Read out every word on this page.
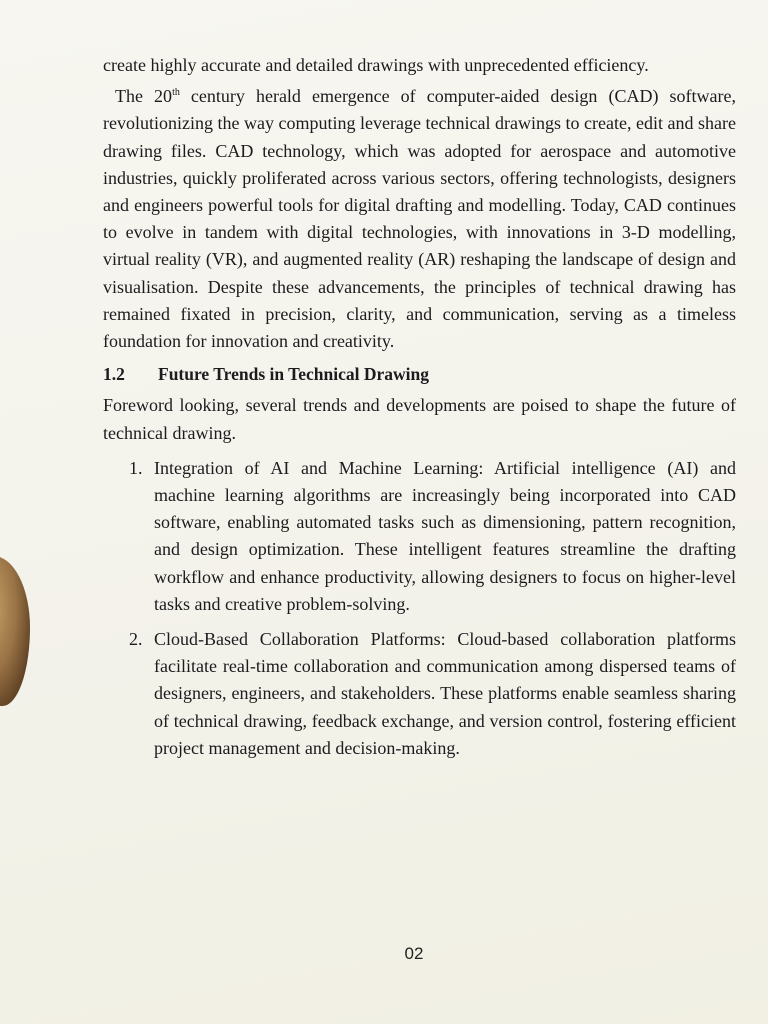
create highly accurate and detailed drawings with unprecedented efficiency.

The 20th century herald emergence of computer-aided design (CAD) software, revolutionizing the way computing leverage technical drawings to create, edit and share drawing files. CAD technology, which was adopted for aerospace and automotive industries, quickly proliferated across various sectors, offering technologists, designers and engineers powerful tools for digital drafting and modelling. Today, CAD continues to evolve in tandem with digital technologies, with innovations in 3-D modelling, virtual reality (VR), and augmented reality (AR) reshaping the landscape of design and visualisation. Despite these advancements, the principles of technical drawing has remained fixated in precision, clarity, and communication, serving as a timeless foundation for innovation and creativity.

1.2 Future Trends in Technical Drawing

Foreword looking, several trends and developments are poised to shape the future of technical drawing.

1. Integration of AI and Machine Learning: Artificial intelligence (AI) and machine learning algorithms are increasingly being incorporated into CAD software, enabling automated tasks such as dimensioning, pattern recognition, and design optimization. These intelligent features streamline the drafting workflow and enhance productivity, allowing designers to focus on higher-level tasks and creative problem-solving.
2. Cloud-Based Collaboration Platforms: Cloud-based collaboration platforms facilitate real-time collaboration and communication among dispersed teams of designers, engineers, and stakeholders. These platforms enable seamless sharing of technical drawing, feedback exchange, and version control, fostering efficient project management and decision-making.
02
